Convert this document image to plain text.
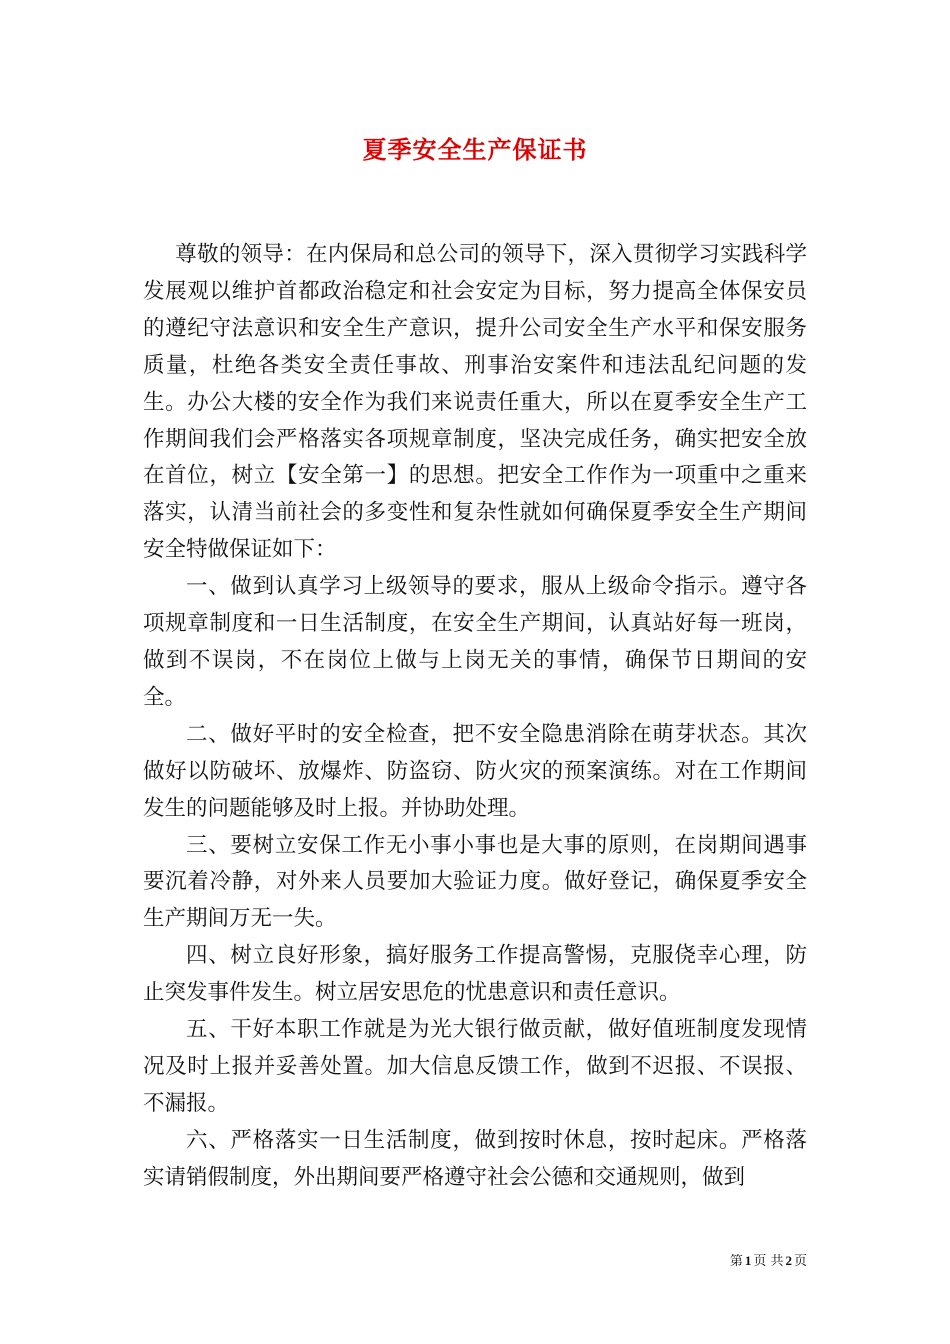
夏季安全生产保证书

尊敬的领导：在内保局和总公司的领导下，深入贯彻学习实践科学发展观以维护首都政治稳定和社会安定为目标，努力提高全体保安员的遵纪守法意识和安全生产意识，提升公司安全生产水平和保安服务质量，杜绝各类安全责任事故、刑事治安案件和违法乱纪问题的发生。办公大楼的安全作为我们来说责任重大，所以在夏季安全生产工作期间我们会严格落实各项规章制度，坚决完成任务，确实把安全放在首位，树立【安全第一】的思想。把安全工作作为一项重中之重来落实，认清当前社会的多变性和复杂性就如何确保夏季安全生产期间安全特做保证如下：

一、做到认真学习上级领导的要求，服从上级命令指示。遵守各项规章制度和一日生活制度，在安全生产期间，认真站好每一班岗，做到不误岗，不在岗位上做与上岗无关的事情，确保节日期间的安全。

二、做好平时的安全检查，把不安全隐患消除在萌芽状态。其次做好以防破坏、放爆炸、防盗窃、防火灾的预案演练。对在工作期间发生的问题能够及时上报。并协助处理。

三、要树立安保工作无小事小事也是大事的原则，在岗期间遇事要沉着冷静，对外来人员要加大验证力度。做好登记，确保夏季安全生产期间万无一失。

四、树立良好形象，搞好服务工作提高警惕，克服侥幸心理，防止突发事件发生。树立居安思危的忧患意识和责任意识。

五、干好本职工作就是为光大银行做贡献，做好值班制度发现情况及时上报并妥善处置。加大信息反馈工作，做到不迟报、不误报、不漏报。

六、严格落实一日生活制度，做到按时休息，按时起床。严格落实请销假制度，外出期间要严格遵守社会公德和交通规则，做到

第 1 页 共 2 页
